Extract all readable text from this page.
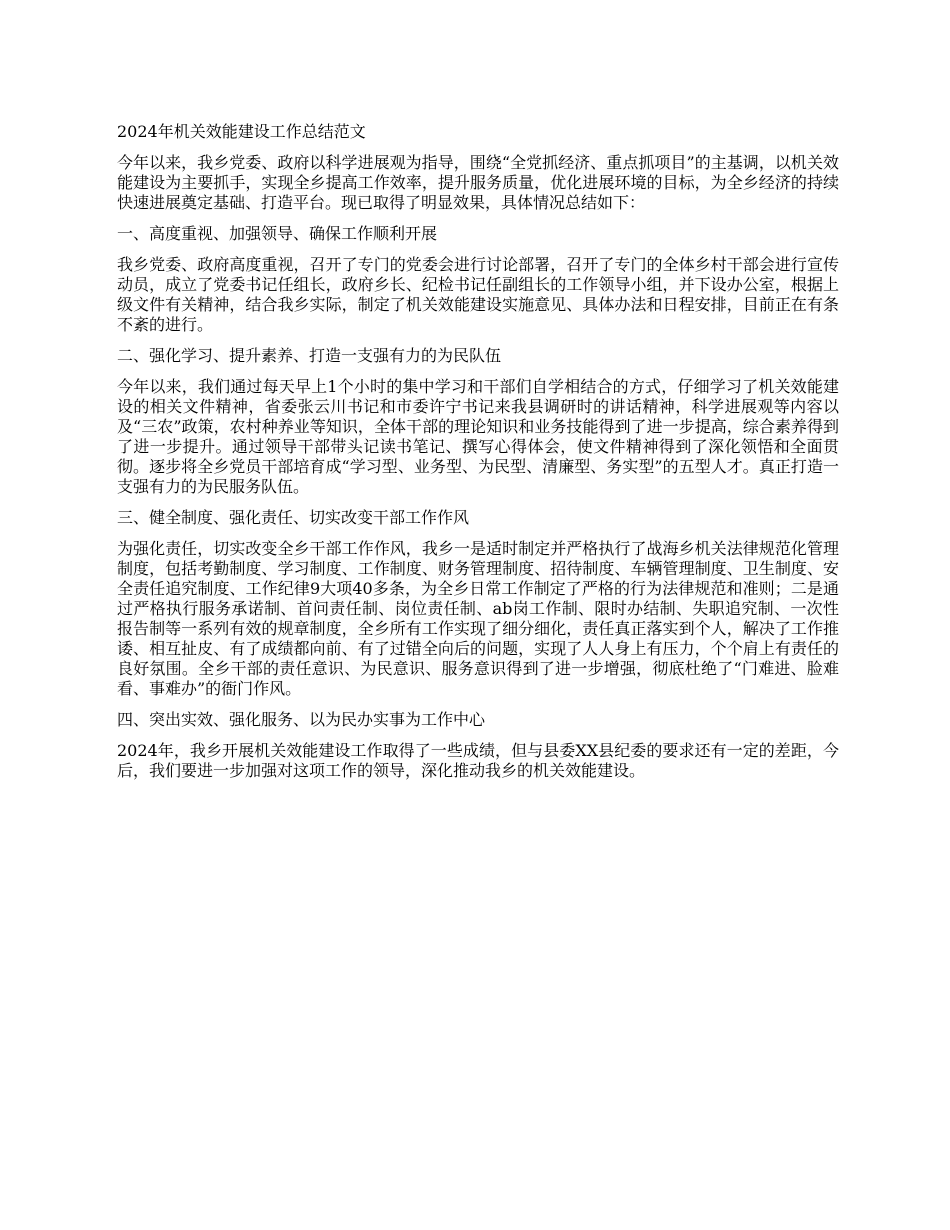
2024年机关效能建设工作总结范文

今年以来，我乡党委、政府以科学进展观为指导，围绕“全党抓经济、重点抓项目”的主基调，以机关效能建设为主要抓手，实现全乡提高工作效率，提升服务质量，优化进展环境的目标，为全乡经济的持续快速进展奠定基础、打造平台。现已取得了明显效果，具体情况总结如下：

一、高度重视、加强领导、确保工作顺利开展

我乡党委、政府高度重视，召开了专门的党委会进行讨论部署，召开了专门的全体乡村干部会进行宣传动员，成立了党委书记任组长，政府乡长、纪检书记任副组长的工作领导小组，并下设办公室，根据上级文件有关精神，结合我乡实际，制定了机关效能建设实施意见、具体办法和日程安排，目前正在有条不紊的进行。

二、强化学习、提升素养、打造一支强有力的为民队伍

今年以来，我们通过每天早上1个小时的集中学习和干部们自学相结合的方式，仔细学习了机关效能建设的相关文件精神，省委张云川书记和市委许宁书记来我县调研时的讲话精神，科学进展观等内容以及“三农”政策，农村种养业等知识，全体干部的理论知识和业务技能得到了进一步提高，综合素养得到了进一步提升。通过领导干部带头记读书笔记、撰写心得体会，使文件精神得到了深化领悟和全面贯彻。逐步将全乡党员干部培育成“学习型、业务型、为民型、清廉型、务实型”的五型人才。真正打造一支强有力的为民服务队伍。

三、健全制度、强化责任、切实改变干部工作作风

为强化责任，切实改变全乡干部工作作风，我乡一是适时制定并严格执行了战海乡机关法律规范化管理制度，包括考勤制度、学习制度、工作制度、财务管理制度、招待制度、车辆管理制度、卫生制度、安全责任追究制度、工作纪律9大项40多条，为全乡日常工作制定了严格的行为法律规范和准则；二是通过严格执行服务承诺制、首问责任制、岗位责任制、ab岗工作制、限时办结制、失职追究制、一次性报告制等一系列有效的规章制度，全乡所有工作实现了细分细化，责任真正落实到个人，解决了工作推诿、相互扯皮、有了成绩都向前、有了过错全向后的问题，实现了人人身上有压力，个个肩上有责任的良好氛围。全乡干部的责任意识、为民意识、服务意识得到了进一步增强，彻底杜绝了“门难进、脸难看、事难办”的衙门作风。

四、突出实效、强化服务、以为民办实事为工作中心

2024年，我乡开展机关效能建设工作取得了一些成绩，但与县委XX县纪委的要求还有一定的差距，今后，我们要进一步加强对这项工作的领导，深化推动我乡的机关效能建设。
